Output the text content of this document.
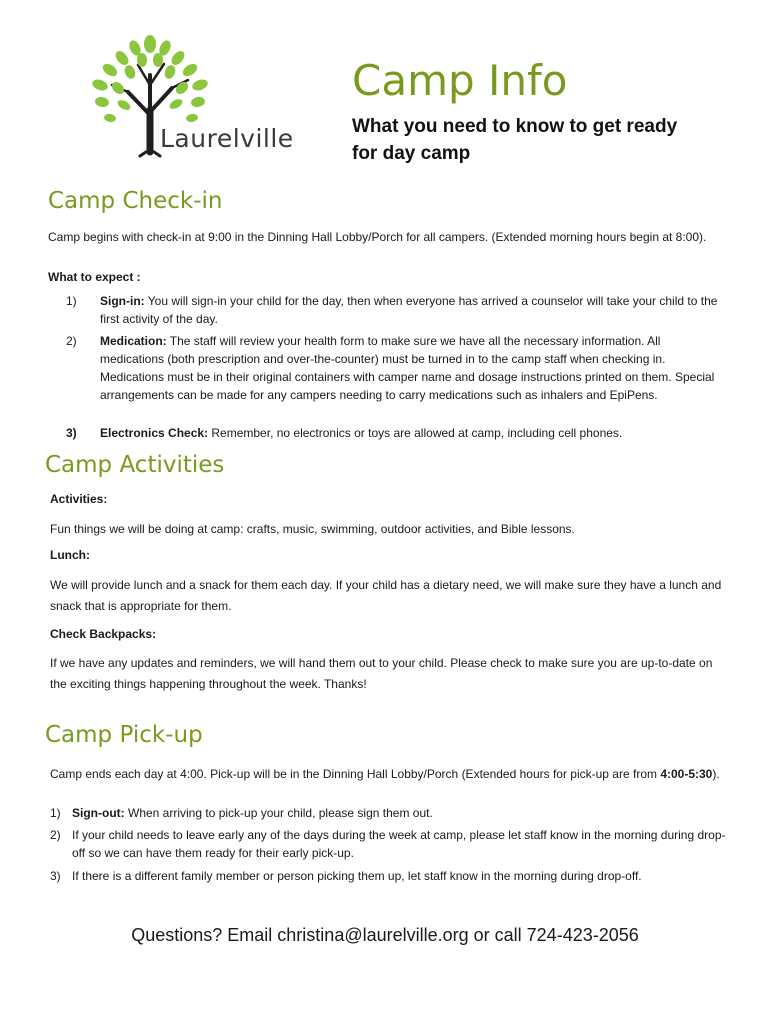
Laurelville
Camp Info

What you need to know to get ready for day camp

Camp Check-in

Camp begins with check-in at 9:00 in the Dinning Hall Lobby/Porch for all campers. (Extended morning hours begin at 8:00).

What to expect :

1) Sign-in: You will sign-in your child for the day, then when everyone has arrived a counselor will take your child to the first activity of the day.
2) Medication: The staff will review your health form to make sure we have all the necessary information. All medications (both prescription and over-the-counter) must be turned in to the camp staff when checking in. Medications must be in their original containers with camper name and dosage instructions printed on them. Special arrangements can be made for any campers needing to carry medications such as inhalers and EpiPens.
3) Electronics Check: Remember, no electronics or toys are allowed at camp, including cell phones.
Camp Activities

Activities:

Fun things we will be doing at camp: crafts, music, swimming, outdoor activities, and Bible lessons.

Lunch:

We will provide lunch and a snack for them each day. If your child has a dietary need, we will make sure they have a lunch and snack that is appropriate for them.

Check Backpacks:

If we have any updates and reminders, we will hand them out to your child. Please check to make sure you are up-to-date on the exciting things happening throughout the week. Thanks!

Camp Pick-up

Camp ends each day at 4:00. Pick-up will be in the Dinning Hall Lobby/Porch (Extended hours for pick-up are from 4:00-5:30).

1) Sign-out: When arriving to pick-up your child, please sign them out.
2) If your child needs to leave early any of the days during the week at camp, please let staff know in the morning during drop-off so we can have them ready for their early pick-up.
3) If there is a different family member or person picking them up, let staff know in the morning during drop-off.

Questions? Email christina@laurelville.org or call 724-423-2056
